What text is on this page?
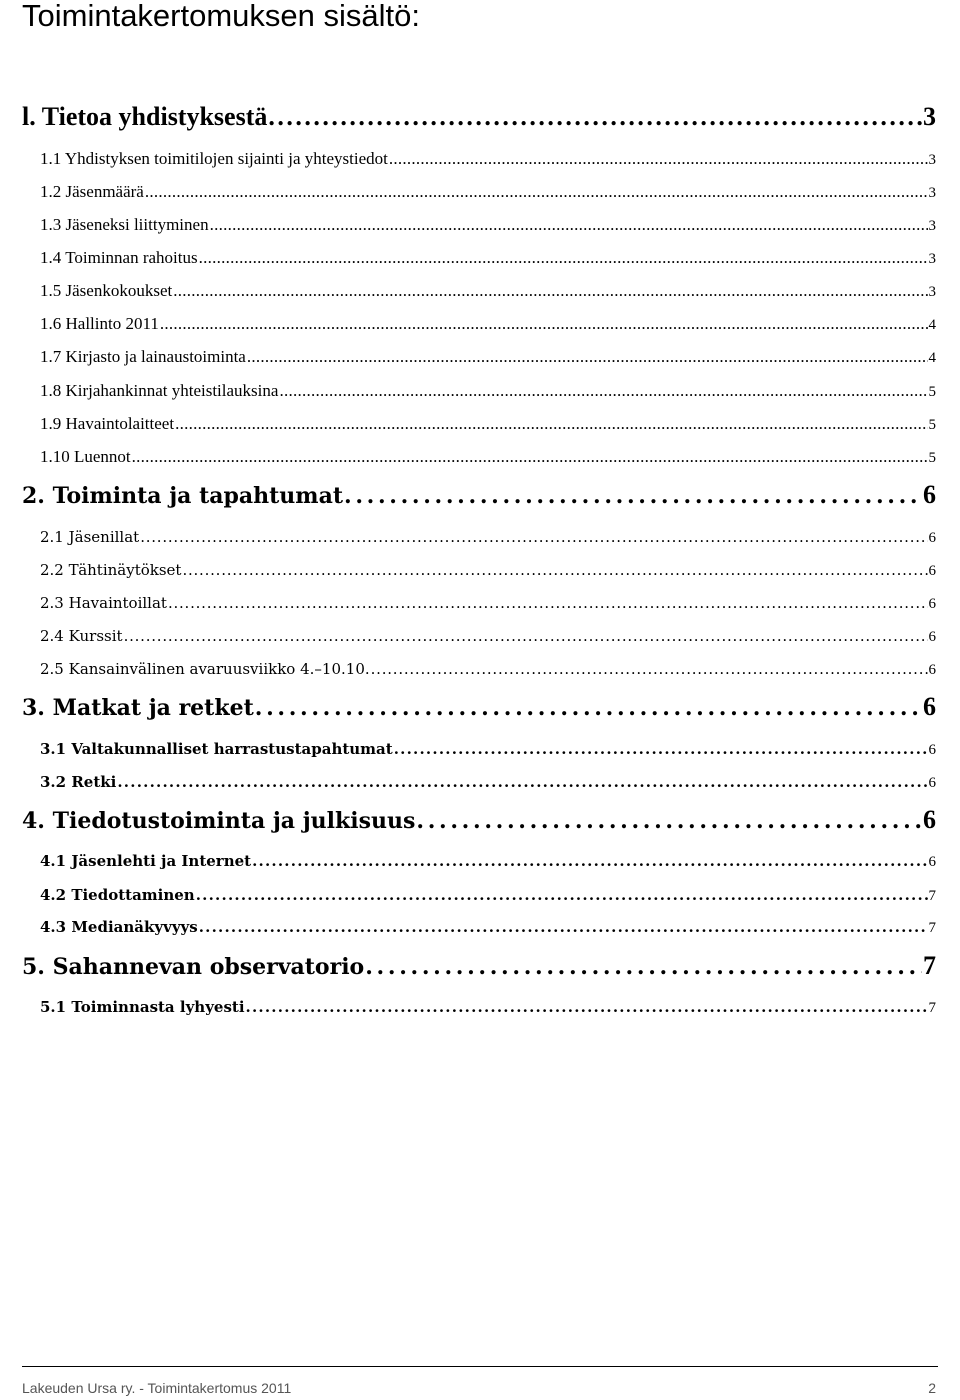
Toimintakertomuksen sisältö:
l. Tietoa yhdistyksestä . . .	3
1.1 Yhdistyksen toimitilojen sijainti ja yhteystiedot . . .	3
1.2 Jäsenmäärä . . .	3
1.3 Jäseneksi liittyminen . . .	3
1.4 Toiminnan rahoitus . . .	3
1.5 Jäsenkokoukset . . .	3
1.6 Hallinto 2011 . . .	4
1.7 Kirjasto ja lainaustoiminta . . .	4
1.8 Kirjahankinnat yhteistilauksina . . .	5
1.9 Havaintolaitteet . . .	5
1.10 Luennot . . .	5
2. Toiminta ja tapahtumat . . .	6
2.1 Jäsenillat . . .	6
2.2 Tähtinäytökset . . .	6
2.3 Havaintoillat . . .	6
2.4 Kurssit . . .	6
2.5 Kansainvälinen avaruusviikko 4.–10.10. . . .	6
3. Matkat ja retket . . .	6
3.1 Valtakunnalliset harrastustapahtumat . . .	6
3.2 Retki . . .	6
4. Tiedotustoiminta ja julkisuus . . .	6
4.1 Jäsenlehti ja Internet . . .	6
4.2 Tiedottaminen . . .	7
4.3 Medianäkyvyys . . .	7
5. Sahannevan observatorio . . .	7
5.1 Toiminnasta lyhyesti . . .	7
Lakeuden Ursa ry. - Toimintakertomus 2011	2
